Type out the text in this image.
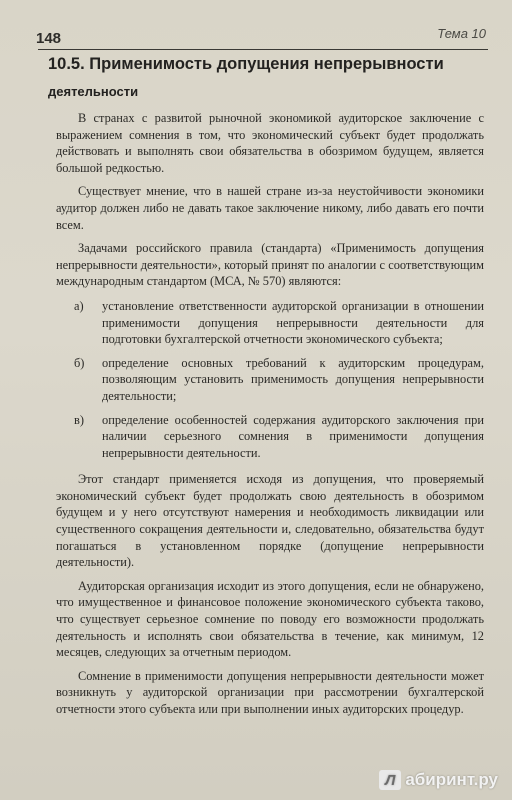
148	Тема 10
10.5. Применимость допущения непрерывности
деятельности

В странах с развитой рыночной экономикой аудиторское заключение с выражением сомнения в том, что экономический субъект будет продолжать действовать и выполнять свои обязательства в обозримом будущем, является большой редкостью.

Существует мнение, что в нашей стране из-за неустойчивости экономики аудитор должен либо не давать такое заключение никому, либо давать его почти всем.

Задачами российского правила (стандарта) «Применимость допущения непрерывности деятельности», который принят по аналогии с соответствующим международным стандартом (МСА, № 570) являются:

а) установление ответственности аудиторской организации в отношении применимости допущения непрерывности деятельности для подготовки бухгалтерской отчетности экономического субъекта;
б) определение основных требований к аудиторским процедурам, позволяющим установить применимость допущения непрерывности деятельности;
в) определение особенностей содержания аудиторского заключения при наличии серьезного сомнения в применимости допущения непрерывности деятельности.

Этот стандарт применяется исходя из допущения, что проверяемый экономический субъект будет продолжать свою деятельность в обозримом будущем и у него отсутствуют намерения и необходимость ликвидации или существенного сокращения деятельности и, следовательно, обязательства будут погашаться в установленном порядке (допущение непрерывности деятельности).

Аудиторская организация исходит из этого допущения, если не обнаружено, что имущественное и финансовое положение экономического субъекта таково, что существует серьезное сомнение по поводу его возможности продолжать деятельность и исполнять свои обязательства в течение, как минимум, 12 месяцев, следующих за отчетным периодом.

Сомнение в применимости допущения непрерывности деятельности может возникнуть у аудиторской организации при рассмотрении бухгалтерской отчетности этого субъекта или при выполнении иных аудиторских процедур.

Л абиринт.ру
